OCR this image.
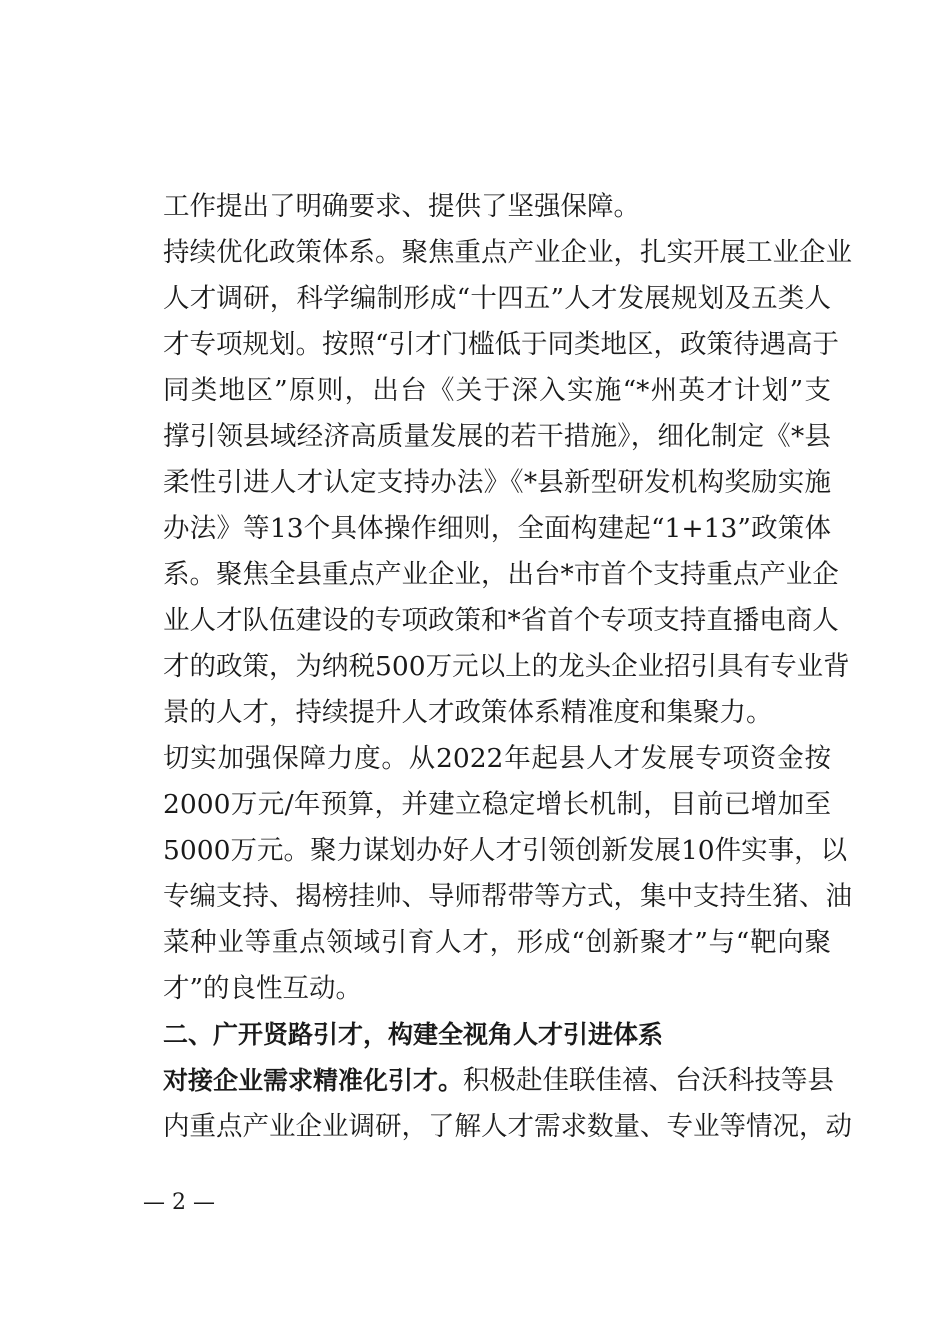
工作提出了明确要求、提供了坚强保障。
持续优化政策体系。聚焦重点产业企业，扎实开展工业企业
人才调研，科学编制形成“十四五”人才发展规划及五类人
才专项规划。按照“引才门槛低于同类地区，政策待遇高于
同类地区”原则，出台《关于深入实施“*州英才计划”支
撑引领县域经济高质量发展的若干措施》，细化制定《*县
柔性引进人才认定支持办法》《*县新型研发机构奖励实施
办法》等13个具体操作细则，全面构建起“1+13”政策体
系。聚焦全县重点产业企业，出台*市首个支持重点产业企
业人才队伍建设的专项政策和*省首个专项支持直播电商人
才的政策，为纳税500万元以上的龙头企业招引具有专业背
景的人才，持续提升人才政策体系精准度和集聚力。
切实加强保障力度。从2022年起县人才发展专项资金按
2000万元/年预算，并建立稳定增长机制，目前已增加至
5000万元。聚力谋划办好人才引领创新发展10件实事，以
专编支持、揭榜挂帅、导师帮带等方式，集中支持生猪、油
菜种业等重点领域引育人才，形成“创新聚才”与“靶向聚
才”的良性互动。
二、广开贤路引才，构建全视角人才引进体系
对接企业需求精准化引才。积极赴佳联佳禧、台沃科技等县
内重点产业企业调研，了解人才需求数量、专业等情况，动
— 2 —
